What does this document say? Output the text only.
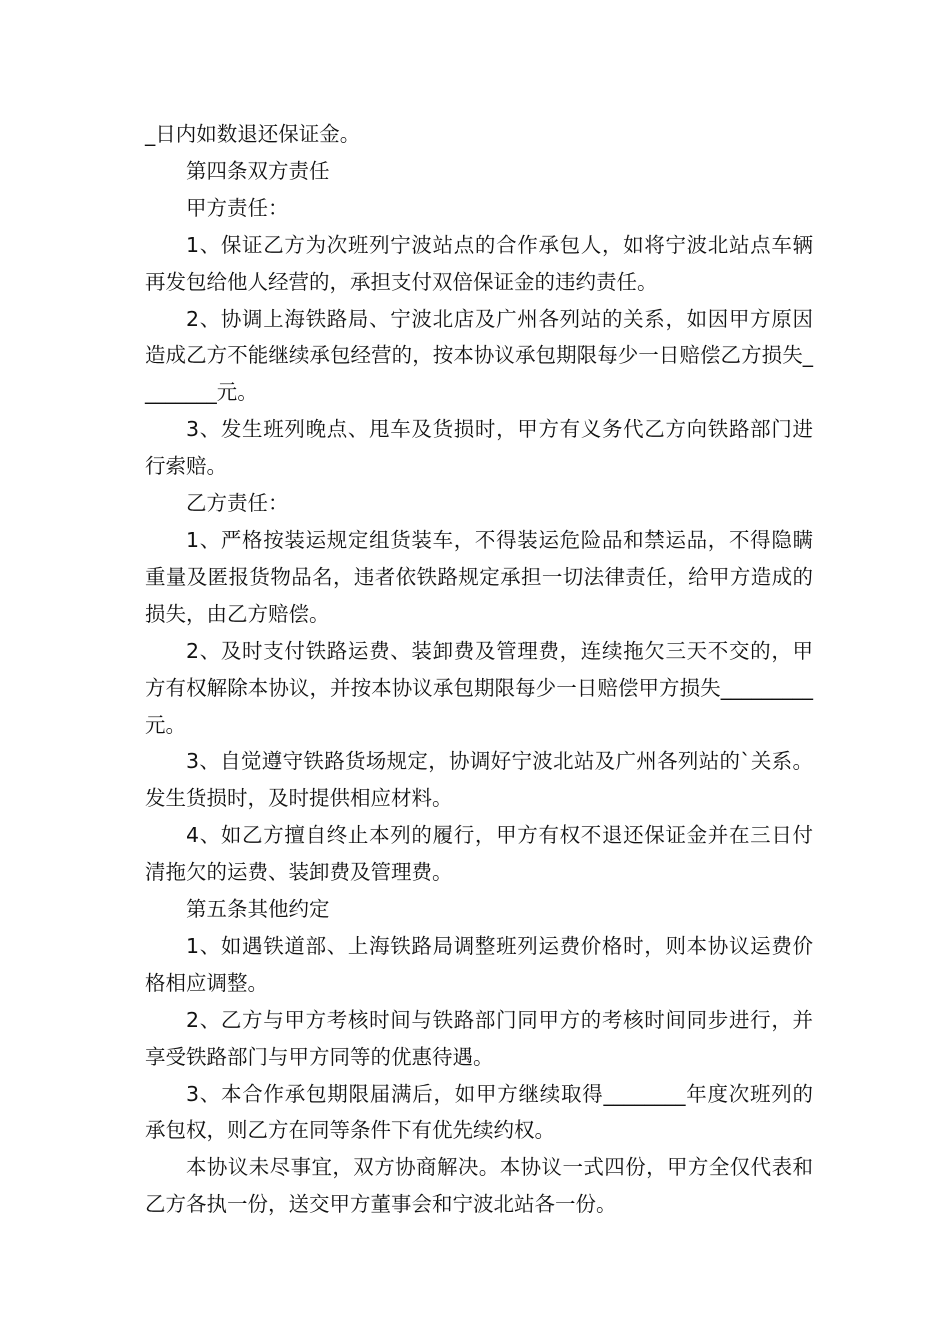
_日内如数退还保证金。

第四条双方责任

甲方责任：

1、保证乙方为次班列宁波站点的合作承包人，如将宁波北站点车辆再发包给他人经营的，承担支付双倍保证金的违约责任。

2、协调上海铁路局、宁波北店及广州各列站的关系，如因甲方原因造成乙方不能继续承包经营的，按本协议承包期限每少一日赔偿乙方损失________元。

3、发生班列晚点、甩车及货损时，甲方有义务代乙方向铁路部门进行索赔。

乙方责任：

1、严格按装运规定组货装车，不得装运危险品和禁运品，不得隐瞒重量及匿报货物品名，违者依铁路规定承担一切法律责任，给甲方造成的损失，由乙方赔偿。

2、及时支付铁路运费、装卸费及管理费，连续拖欠三天不交的，甲方有权解除本协议，并按本协议承包期限每少一日赔偿甲方损失_________元。

3、自觉遵守铁路货场规定，协调好宁波北站及广州各列站的`关系。发生货损时，及时提供相应材料。

4、如乙方擅自终止本列的履行，甲方有权不退还保证金并在三日付清拖欠的运费、装卸费及管理费。

第五条其他约定

1、如遇铁道部、上海铁路局调整班列运费价格时，则本协议运费价格相应调整。

2、乙方与甲方考核时间与铁路部门同甲方的考核时间同步进行，并享受铁路部门与甲方同等的优惠待遇。

3、本合作承包期限届满后，如甲方继续取得________年度次班列的承包权，则乙方在同等条件下有优先续约权。

本协议未尽事宜，双方协商解决。本协议一式四份，甲方全仅代表和乙方各执一份，送交甲方董事会和宁波北站各一份。
